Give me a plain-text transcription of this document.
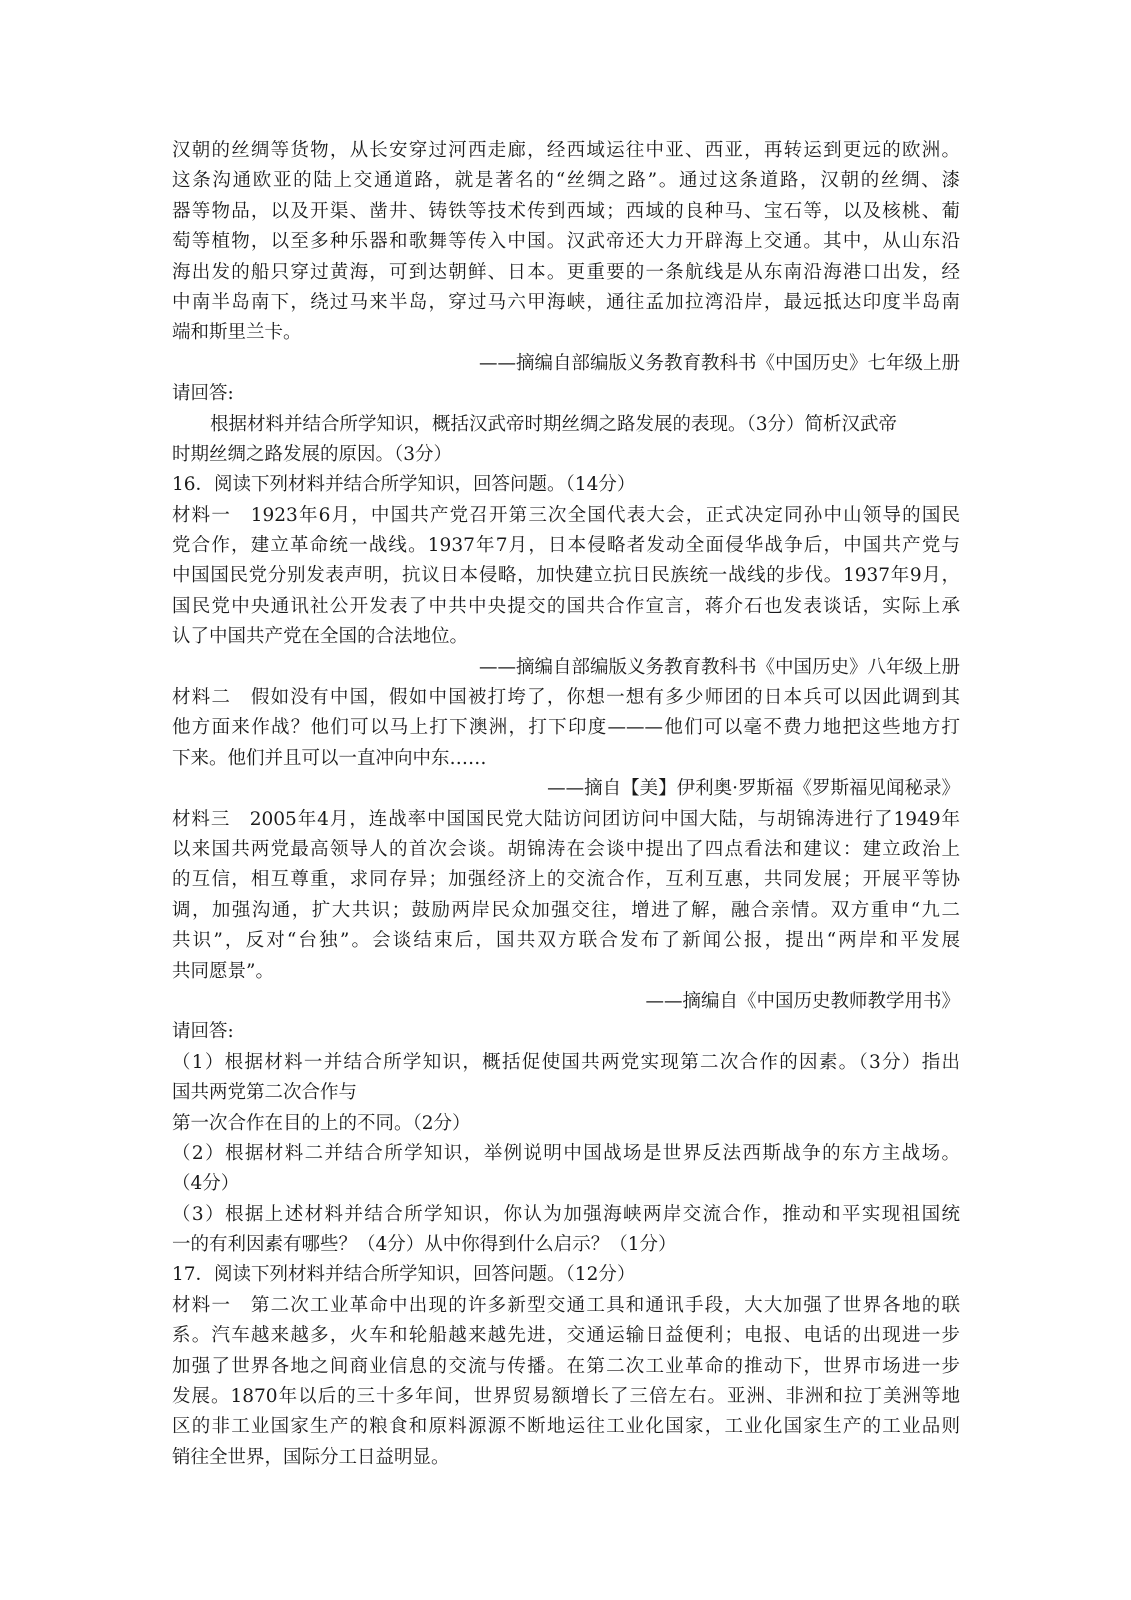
汉朝的丝绸等货物，从长安穿过河西走廊，经西域运往中亚、西亚，再转运到更远的欧洲。
这条沟通欧亚的陆上交通道路，就是著名的“丝绸之路”。通过这条道路，汉朝的丝绸、漆
器等物品，以及开渠、凿井、铸铁等技术传到西域；西域的良种马、宝石等，以及核桃、葡
萄等植物，以至多种乐器和歌舞等传入中国。汉武帝还大力开辟海上交通。其中，从山东沿
海出发的船只穿过黄海，可到达朝鲜、日本。更重要的一条航线是从东南沿海港口出发，经
中南半岛南下，绕过马来半岛，穿过马六甲海峡，通往孟加拉湾沿岸，最远抵达印度半岛南
端和斯里兰卡。
——摘编自部编版义务教育教科书《中国历史》七年级上册
请回答:
根据材料并结合所学知识，概括汉武帝时期丝绸之路发展的表现。（3分）简析汉武帝
时期丝绸之路发展的原因。（3分）
16．阅读下列材料并结合所学知识，回答问题。（14分）
材料一　1923年6月，中国共产党召开第三次全国代表大会，正式决定同孙中山领导的国民
党合作，建立革命统一战线。1937年7月，日本侵略者发动全面侵华战争后，中国共产党与
中国国民党分别发表声明，抗议日本侵略，加快建立抗日民族统一战线的步伐。1937年9月，
国民党中央通讯社公开发表了中共中央提交的国共合作宣言，蒋介石也发表谈话，实际上承
认了中国共产党在全国的合法地位。
——摘编自部编版义务教育教科书《中国历史》八年级上册
材料二　假如没有中国，假如中国被打垮了，你想一想有多少师团的日本兵可以因此调到其
他方面来作战？他们可以马上打下澳洲，打下印度———他们可以毫不费力地把这些地方打
下来。他们并且可以一直冲向中东……
——摘自【美】伊利奥·罗斯福《罗斯福见闻秘录》
材料三　2005年4月，连战率中国国民党大陆访问团访问中国大陆，与胡锦涛进行了1949年
以来国共两党最高领导人的首次会谈。胡锦涛在会谈中提出了四点看法和建议：建立政治上
的互信，相互尊重，求同存异；加强经济上的交流合作，互利互惠，共同发展；开展平等协
调，加强沟通，扩大共识；鼓励两岸民众加强交往，增进了解，融合亲情。双方重申“九二
共识”，反对“台独”。会谈结束后，国共双方联合发布了新闻公报，提出“两岸和平发展
共同愿景”。
——摘编自《中国历史教师教学用书》
请回答:
（1）根据材料一并结合所学知识，概括促使国共两党实现第二次合作的因素。（3分）指出
国共两党第二次合作与
第一次合作在目的上的不同。（2分）
（2）根据材料二并结合所学知识，举例说明中国战场是世界反法西斯战争的东方主战场。
（4分）
（3）根据上述材料并结合所学知识，你认为加强海峡两岸交流合作，推动和平实现祖国统
一的有利因素有哪些？（4分）从中你得到什么启示？（1分）
17．阅读下列材料并结合所学知识，回答问题。（12分）
材料一　第二次工业革命中出现的许多新型交通工具和通讯手段，大大加强了世界各地的联
系。汽车越来越多，火车和轮船越来越先进，交通运输日益便利；电报、电话的出现进一步
加强了世界各地之间商业信息的交流与传播。在第二次工业革命的推动下，世界市场进一步
发展。1870年以后的三十多年间，世界贸易额增长了三倍左右。亚洲、非洲和拉丁美洲等地
区的非工业国家生产的粮食和原料源源不断地运往工业化国家，工业化国家生产的工业品则
销往全世界，国际分工日益明显。
